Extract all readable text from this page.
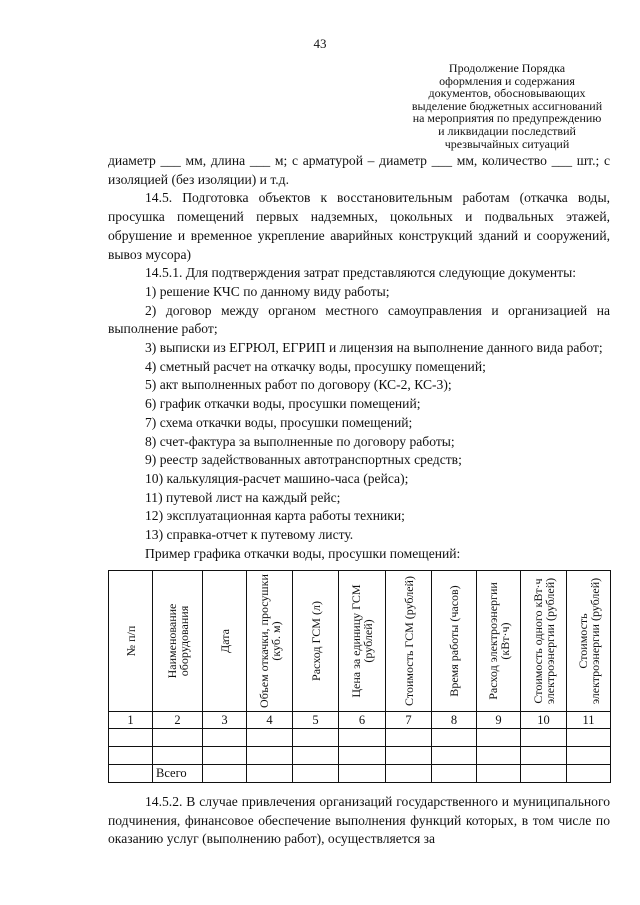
43
Продолжение Порядка
оформления и содержания
документов, обосновывающих
выделение бюджетных ассигнований
на мероприятия по предупреждению
и ликвидации последствий
чрезвычайных ситуаций

диаметр ___ мм, длина ___ м; с арматурой – диаметр ___ мм, количество ___ шт.; с изоляцией (без изоляции) и т.д.

14.5. Подготовка объектов к восстановительным работам (откачка воды, просушка помещений первых надземных, цокольных и подвальных этажей, обрушение и временное укрепление аварийных конструкций зданий и сооружений, вывоз мусора)

14.5.1. Для подтверждения затрат представляются следующие документы:

1) решение КЧС по данному виду работы;

2) договор между органом местного самоуправления и организацией на выполнение работ;

3) выписки из ЕГРЮЛ, ЕГРИП и лицензия на выполнение данного вида работ;

4) сметный расчет на откачку воды, просушку помещений;

5) акт выполненных работ по договору (КС-2, КС-3);

6) график откачки воды, просушки помещений;

7) схема откачки воды, просушки помещений;

8) счет-фактура за выполненные по договору работы;

9) реестр задействованных автотранспортных средств;

10) калькуляция-расчет машино-часа (рейса);

11) путевой лист на каждый рейс;

12) эксплуатационная карта работы техники;

13) справка-отчет к путевому листу.

Пример графика откачки воды, просушки помещений:

№ п/п	Наименование оборудования	Дата	Объем откачки, просушки (куб. м)	Расход ГСМ (л)	Цена за единицу ГСМ (рублей)	Стоимость ГСМ (рублей)	Время работы (часов)	Расход электроэнергии (кВт·ч)	Стоимость одного кВт·ч электроэнергии (рублей)	Стоимость электроэнергии (рублей)

1	2	3	4	5	6	7	8	9	10	11

	Всего									

14.5.2. В случае привлечения организаций государственного и муниципального подчинения, финансовое обеспечение выполнения функций которых, в том числе по оказанию услуг (выполнению работ), осуществляется за
